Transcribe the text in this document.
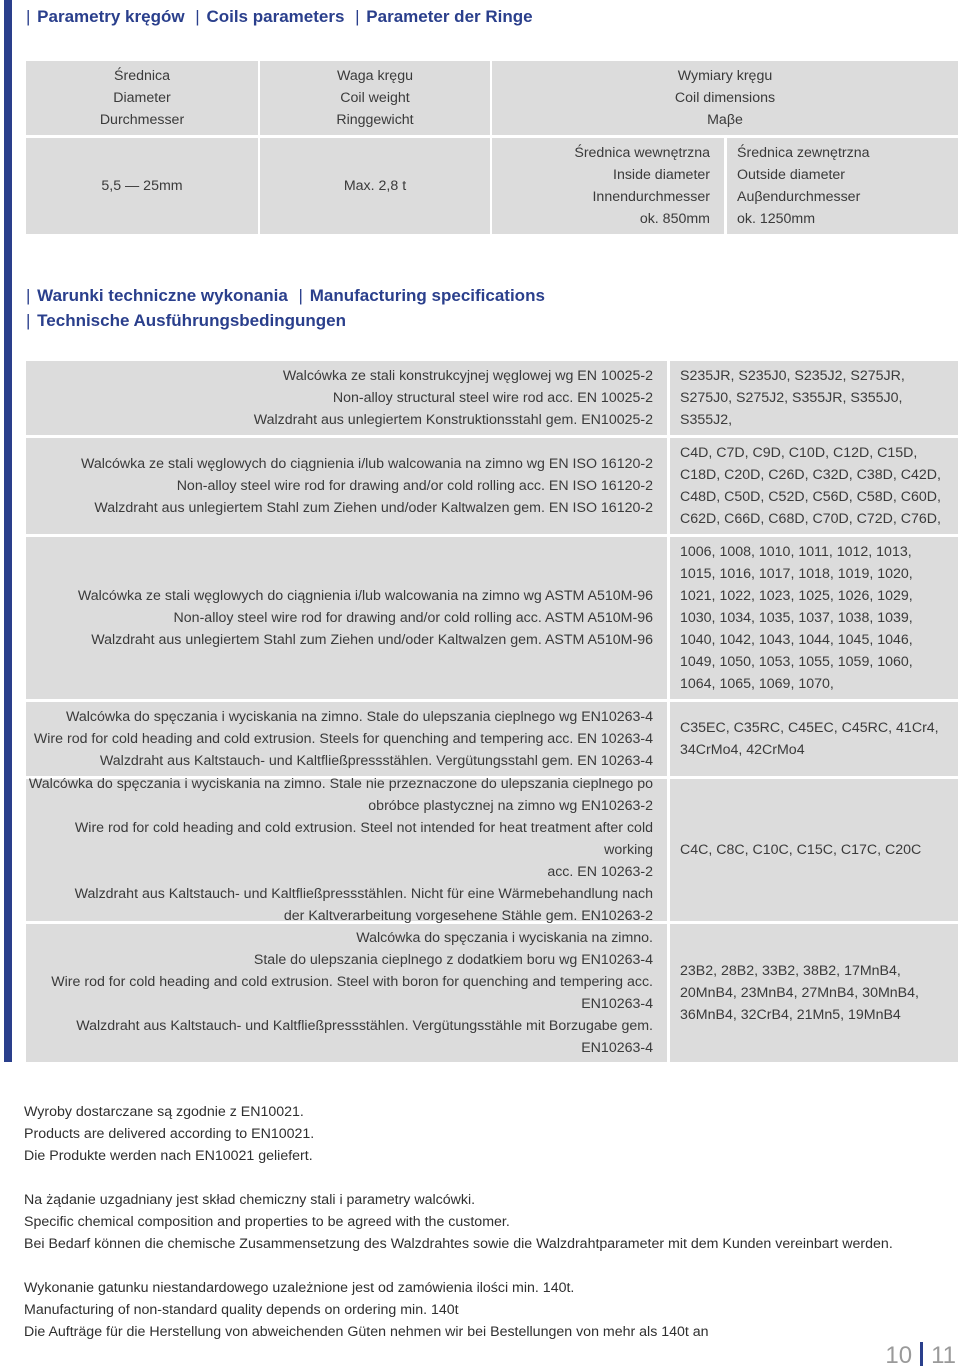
| Parametry kręgów | Coils parameters | Parameter der Ringe
Średnica
Diameter
Durchmesser
Waga kręgu
Coil weight
Ringgewicht
Wymiary kręgu
Coil dimensions
Maβe
5,5 — 25mm	Max. 2,8 t
Średnica wewnętrzna
Inside diameter
Innendurchmesser
ok. 850mm
Średnica zewnętrzna
Outside diameter
Auβendurchmesser
ok. 1250mm
| Warunki techniczne wykonania | Manufacturing specifications
| Technische Ausführungsbedingungen
Walcówka ze stali konstrukcyjnej węglowej wg EN 10025-2
Non-alloy structural steel wire rod acc. EN 10025-2
Walzdraht aus unlegiertem Konstruktionsstahl gem. EN10025-2
S235JR, S235J0, S235J2, S275JR,
S275J0, S275J2, S355JR, S355J0,
S355J2,
Walcówka ze stali węglowych do ciągnienia i/lub walcowania na zimno wg EN ISO 16120-2
Non-alloy steel wire rod for drawing and/or cold rolling acc. EN ISO 16120-2
Walzdraht aus unlegiertem Stahl zum Ziehen und/oder Kaltwalzen gem. EN ISO 16120-2
C4D, C7D, C9D, C10D, C12D, C15D,
C18D, C20D, C26D, C32D, C38D, C42D,
C48D, C50D, C52D, C56D, C58D, C60D,
C62D, C66D, C68D, C70D, C72D, C76D,
Walcówka ze stali węglowych do ciągnienia i/lub walcowania na zimno wg ASTM A510M-96
Non-alloy steel wire rod for drawing and/or cold rolling acc. ASTM A510M-96
Walzdraht aus unlegiertem Stahl zum Ziehen und/oder Kaltwalzen gem. ASTM A510M-96
1006, 1008, 1010, 1011, 1012, 1013,
1015, 1016, 1017, 1018, 1019, 1020,
1021, 1022, 1023, 1025, 1026, 1029,
1030, 1034, 1035, 1037, 1038, 1039,
1040, 1042, 1043, 1044, 1045, 1046,
1049, 1050, 1053, 1055, 1059, 1060,
1064, 1065, 1069, 1070,
Walcówka do spęczania i wyciskania na zimno. Stale do ulepszania cieplnego wg EN10263-4
Wire rod for cold heading and cold extrusion. Steels for quenching and tempering acc. EN 10263-4
Walzdraht aus Kaltstauch- und Kaltfließpressstählen. Vergütungsstahl gem. EN 10263-4
C35EC, C35RC, C45EC, C45RC, 41Cr4,
34CrMo4, 42CrMo4
Walcówka do spęczania i wyciskania na zimno. Stale nie przeznaczone do ulepszania cieplnego po
obróbce plastycznej na zimno wg EN10263-2
Wire rod for cold heading and cold extrusion. Steel not intended for heat treatment after cold working
acc. EN 10263-2
Walzdraht aus Kaltstauch- und Kaltfließpressstählen. Nicht für eine Wärmebehandlung nach
der Kaltverarbeitung vorgesehene Stähle gem. EN10263-2
C4C, C8C, C10C, C15C, C17C, C20C
Walcówka do spęczania i wyciskania na zimno.
Stale do ulepszania cieplnego z dodatkiem boru wg EN10263-4
Wire rod for cold heading and cold extrusion. Steel with boron for quenching and tempering acc.
EN10263-4
Walzdraht aus Kaltstauch- und Kaltfließpressstählen. Vergütungsstähle mit Borzugabe gem.
EN10263-4
23B2, 28B2, 33B2, 38B2, 17MnB4,
20MnB4, 23MnB4, 27MnB4, 30MnB4,
36MnB4, 32CrB4, 21Mn5, 19MnB4
Wyroby dostarczane są zgodnie z EN10021.
Products are delivered according to EN10021.
Die Produkte werden nach EN10021 geliefert.
Na żądanie uzgadniany jest skład chemiczny stali i parametry walcówki.
Specific chemical composition and properties to be agreed with the customer.
Bei Bedarf können die chemische Zusammensetzung des Walzdrahtes sowie die Walzdrahtparameter mit dem Kunden vereinbart werden.
Wykonanie gatunku niestandardowego uzależnione jest od zamówienia ilości min. 140t.
Manufacturing of non-standard quality depends on ordering min. 140t
Die Aufträge für die Herstellung von abweichenden Güten nehmen wir bei Bestellungen von mehr als 140t an
10 11
